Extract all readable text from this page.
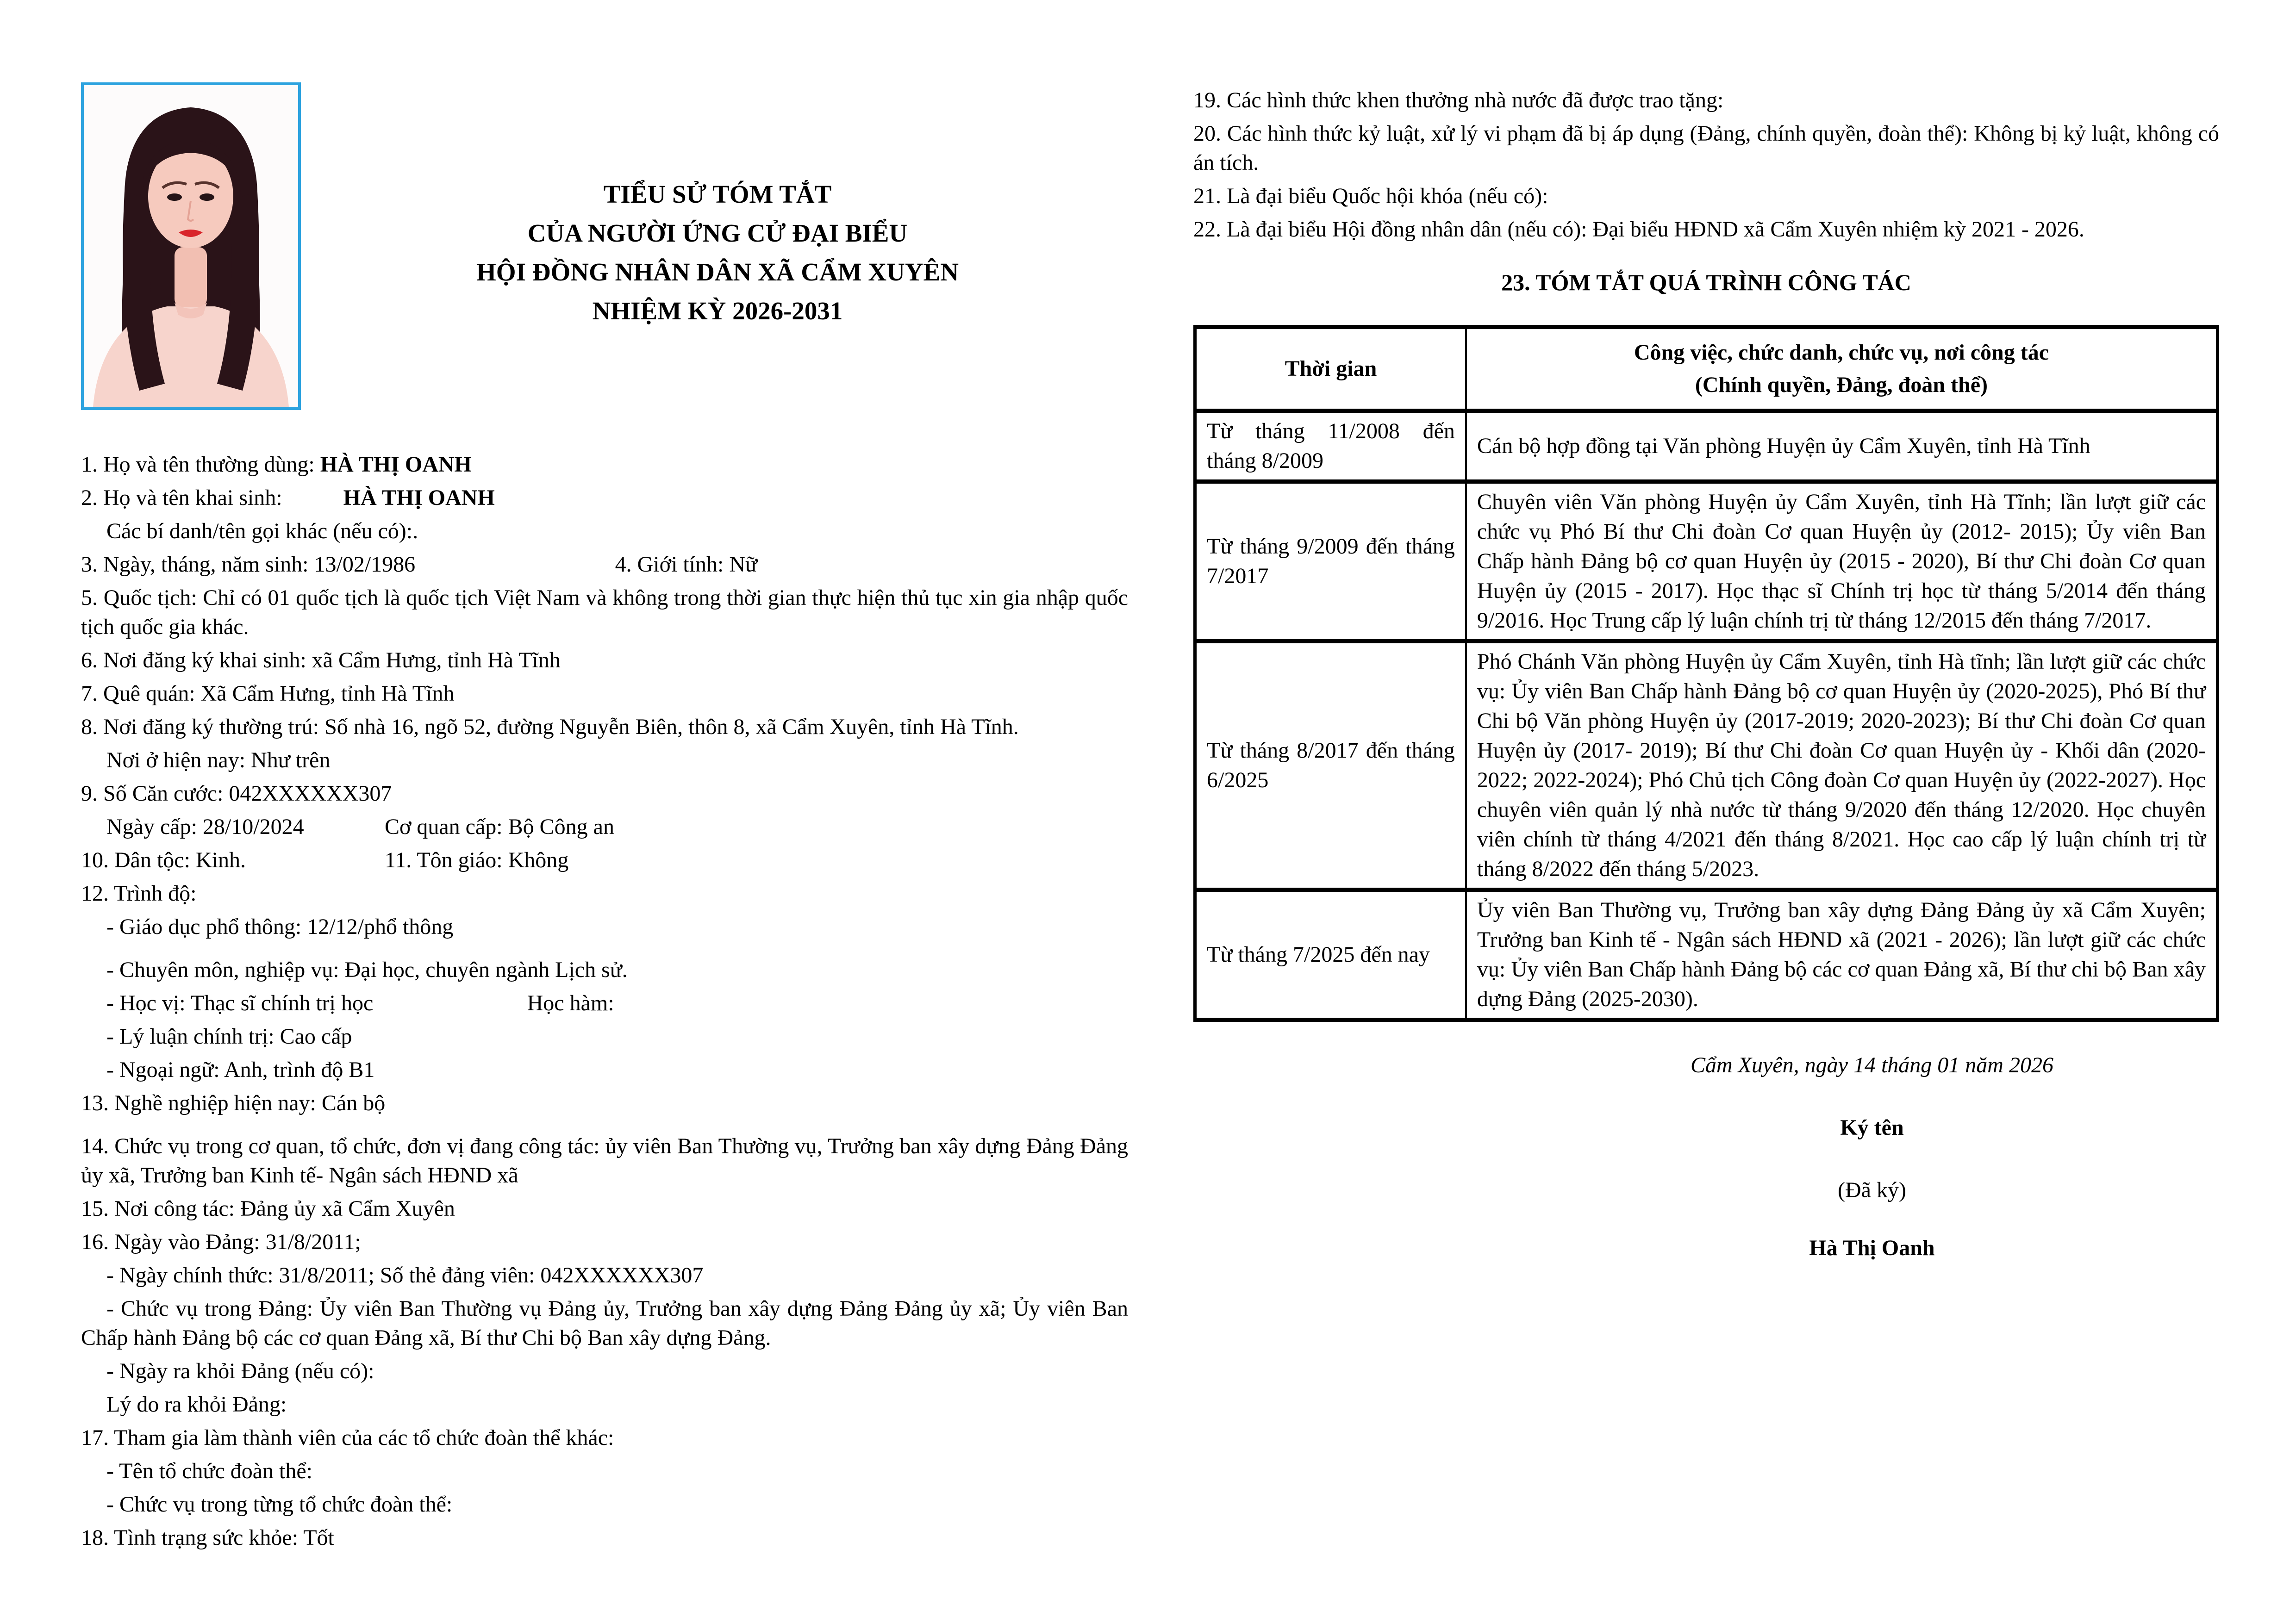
TIỂU SỬ TÓM TẮT
CỦA NGƯỜI ỨNG CỬ ĐẠI BIỂU
HỘI ĐỒNG NHÂN DÂN XÃ CẨM XUYÊN
NHIỆM KỲ 2026-2031
1. Họ và tên thường dùng: HÀ THỊ OANH
2. Họ và tên khai sinh:	HÀ THỊ OANH
Các bí danh/tên gọi khác (nếu có):.
3. Ngày, tháng, năm sinh: 13/02/1986	4. Giới tính: Nữ
5. Quốc tịch: Chỉ có 01 quốc tịch là quốc tịch Việt Nam và không trong thời gian thực hiện thủ tục xin gia nhập quốc tịch quốc gia khác.
6. Nơi đăng ký khai sinh: xã Cẩm Hưng, tỉnh Hà Tĩnh
7. Quê quán: Xã Cẩm Hưng, tỉnh Hà Tĩnh
8. Nơi đăng ký thường trú: Số nhà 16, ngõ 52, đường Nguyễn Biên, thôn 8, xã Cẩm Xuyên, tỉnh Hà Tĩnh.
Nơi ở hiện nay: Như trên
9. Số Căn cước: 042XXXXXX307
Ngày cấp: 28/10/2024	Cơ quan cấp: Bộ Công an
10. Dân tộc: Kinh.	11. Tôn giáo: Không
12. Trình độ:
- Giáo dục phổ thông: 12/12/phổ thông
- Chuyên môn, nghiệp vụ: Đại học, chuyên ngành Lịch sử.
- Học vị: Thạc sĩ chính trị học	Học hàm:
- Lý luận chính trị: Cao cấp
- Ngoại ngữ: Anh, trình độ B1
13. Nghề nghiệp hiện nay: Cán bộ
14. Chức vụ trong cơ quan, tổ chức, đơn vị đang công tác: ủy viên Ban Thường vụ, Trưởng ban xây dựng Đảng Đảng ủy xã, Trưởng ban Kinh tế- Ngân sách HĐND xã
15. Nơi công tác: Đảng ủy xã Cẩm Xuyên
16. Ngày vào Đảng: 31/8/2011;
- Ngày chính thức: 31/8/2011; Số thẻ đảng viên: 042XXXXXX307
- Chức vụ trong Đảng: Ủy viên Ban Thường vụ Đảng ủy, Trưởng ban xây dựng Đảng Đảng ủy xã; Ủy viên Ban Chấp hành Đảng bộ các cơ quan Đảng xã, Bí thư Chi bộ Ban xây dựng Đảng.
- Ngày ra khỏi Đảng (nếu có):
Lý do ra khỏi Đảng:
17. Tham gia làm thành viên của các tổ chức đoàn thể khác:
- Tên tổ chức đoàn thể:
- Chức vụ trong từng tổ chức đoàn thể:
18. Tình trạng sức khỏe: Tốt
19. Các hình thức khen thưởng nhà nước đã được trao tặng:
20. Các hình thức kỷ luật, xử lý vi phạm đã bị áp dụng (Đảng, chính quyền, đoàn thể): Không bị kỷ luật, không có án tích.
21. Là đại biểu Quốc hội khóa (nếu có):
22. Là đại biểu Hội đồng nhân dân (nếu có): Đại biểu HĐND xã Cẩm Xuyên nhiệm kỳ 2021 - 2026.
23. TÓM TẮT QUÁ TRÌNH CÔNG TÁC
Thời gian	Công việc, chức danh, chức vụ, nơi công tác
(Chính quyền, Đảng, đoàn thể)

Từ tháng 11/2008 đến tháng 8/2009	Cán bộ hợp đồng tại Văn phòng Huyện ủy Cẩm Xuyên, tỉnh Hà Tĩnh
Từ tháng 9/2009 đến tháng 7/2017	Chuyên viên Văn phòng Huyện ủy Cẩm Xuyên, tỉnh Hà Tĩnh; lần lượt giữ các chức vụ Phó Bí thư Chi đoàn Cơ quan Huyện ủy (2012- 2015); Ủy viên Ban Chấp hành Đảng bộ cơ quan Huyện ủy (2015 - 2020), Bí thư Chi đoàn Cơ quan Huyện ủy (2015 - 2017). Học thạc sĩ Chính trị học từ tháng 5/2014 đến tháng 9/2016. Học Trung cấp lý luận chính trị từ tháng 12/2015 đến tháng 7/2017.
Từ tháng 8/2017 đến tháng 6/2025	Phó Chánh Văn phòng Huyện ủy Cẩm Xuyên, tỉnh Hà tĩnh; lần lượt giữ các chức vụ: Ủy viên Ban Chấp hành Đảng bộ cơ quan Huyện ủy (2020-2025), Phó Bí thư Chi bộ Văn phòng Huyện ủy (2017-2019; 2020-2023); Bí thư Chi đoàn Cơ quan Huyện ủy (2017- 2019); Bí thư Chi đoàn Cơ quan Huyện ủy - Khối dân (2020-2022; 2022-2024); Phó Chủ tịch Công đoàn Cơ quan Huyện ủy (2022-2027). Học chuyên viên quản lý nhà nước từ tháng 9/2020 đến tháng 12/2020. Học chuyên viên chính từ tháng 4/2021 đến tháng 8/2021. Học cao cấp lý luận chính trị từ tháng 8/2022 đến tháng 5/2023.
Từ tháng 7/2025 đến nay	Ủy viên Ban Thường vụ, Trưởng ban xây dựng Đảng Đảng ủy xã Cẩm Xuyên; Trưởng ban Kinh tế - Ngân sách HĐND xã (2021 - 2026); lần lượt giữ các chức vụ: Ủy viên Ban Chấp hành Đảng bộ các cơ quan Đảng xã, Bí thư chi bộ Ban xây dựng Đảng (2025-2030).
Cẩm Xuyên, ngày 14 tháng 01 năm 2026
Ký tên
(Đã ký)
Hà Thị Oanh
